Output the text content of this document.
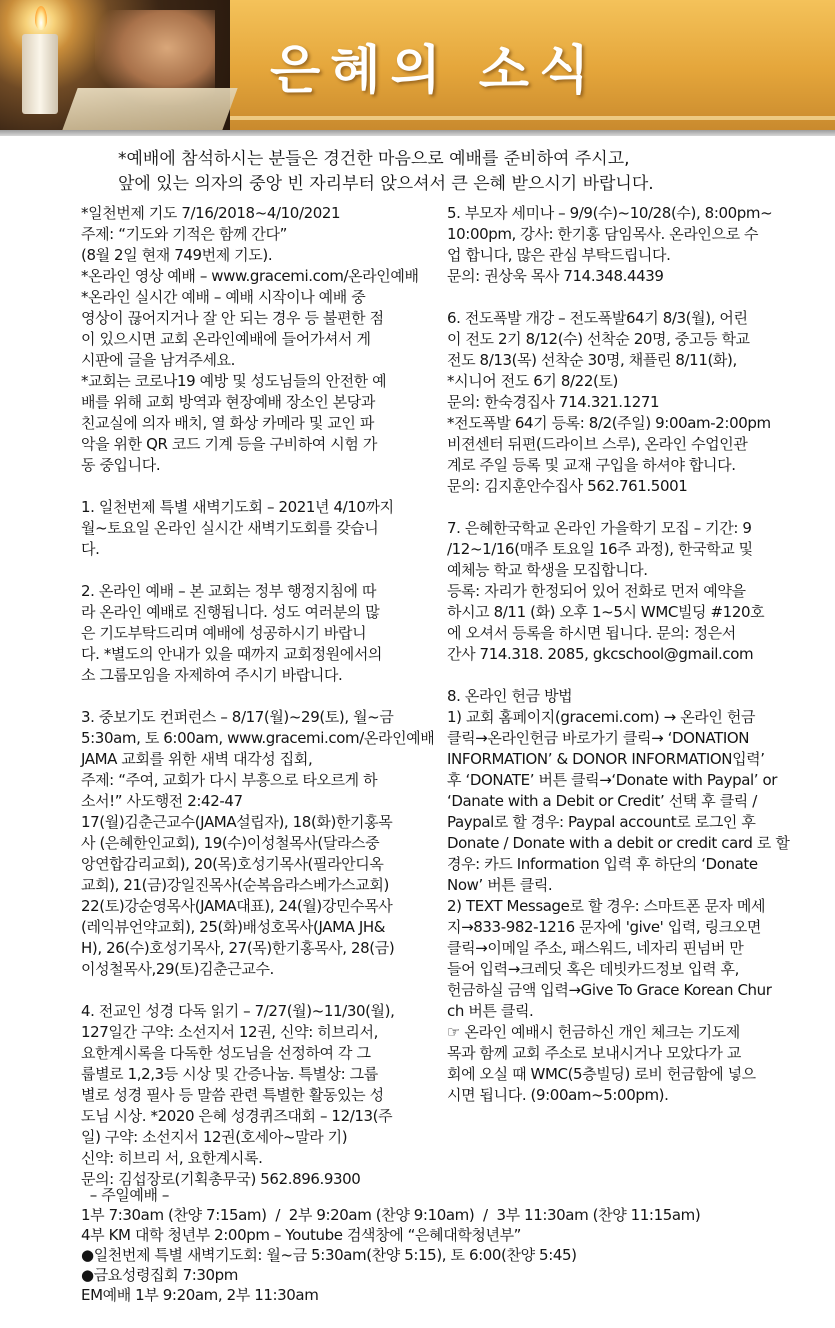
은혜의 소식

*예배에 참석하시는 분들은 경건한 마음으로 예배를 준비하여 주시고,

앞에 있는 의자의 중앙 빈 자리부터 앉으셔서 큰 은혜 받으시기 바랍니다.

*일천번제 기도 7/16/2018~4/10/2021

주제: “기도와 기적은 함께 간다”

(8월 2일 현재 749번제 기도).

*온라인 영상 예배 – www.gracemi.com/온라인예배

*온라인 실시간 예배 – 예배 시작이나 예배 중

영상이 끊어지거나 잘 안 되는 경우 등 불편한 점

이 있으시면 교회 온라인예배에 들어가셔서 게

시판에 글을 남겨주세요.

*교회는 코로나19 예방 및 성도님들의 안전한 예

배를 위해 교회 방역과 현장예배 장소인 본당과

친교실에 의자 배치, 열 화상 카메라 및 교인 파

악을 위한 QR 코드 기계 등을 구비하여 시험 가

동 중입니다.

1. 일천번제 특별 새벽기도회 – 2021년 4/10까지

월~토요일 온라인 실시간 새벽기도회를 갖습니

다.

2. 온라인 예배 – 본 교회는 정부 행정지침에 따

라 온라인 예배로 진행됩니다. 성도 여러분의 많

은 기도부탁드리며 예배에 성공하시기 바랍니

다. *별도의 안내가 있을 때까지 교회정원에서의

소 그룹모임을 자제하여 주시기 바랍니다.

3. 중보기도 컨퍼런스 – 8/17(월)~29(토), 월~금

5:30am, 토 6:00am, www.gracemi.com/온라인예배

JAMA 교회를 위한 새벽 대각성 집회,

주제: “주여, 교회가 다시 부흥으로 타오르게 하

소서!” 사도행전 2:42-47

17(월)김춘근교수(JAMA설립자), 18(화)한기홍목

사 (은혜한인교회), 19(수)이성철목사(달라스중

앙연합감리교회), 20(목)호성기목사(필라안디옥

교회), 21(금)강일진목사(순복음라스베가스교회)

22(토)강순영목사(JAMA대표), 24(월)강민수목사

(레익뷰언약교회), 25(화)배성호목사(JAMA JH&

H), 26(수)호성기목사, 27(목)한기홍목사, 28(금)

이성철목사,29(토)김춘근교수.

4. 전교인 성경 다독 읽기 – 7/27(월)~11/30(월),

127일간 구약: 소선지서 12권, 신약: 히브리서,

요한계시록을 다독한 성도님을 선정하여 각 그

룹별로 1,2,3등 시상 및 간증나눔. 특별상: 그룹

별로 성경 필사 등 말씀 관련 특별한 활동있는 성

도님 시상. *2020 은혜 성경퀴즈대회 – 12/13(주

일) 구약: 소선지서 12권(호세아~말라 기)

신약: 히브리 서, 요한계시록.

문의: 김섭장로(기획총무국) 562.896.9300

5. 부모자 세미나 – 9/9(수)~10/28(수), 8:00pm~

10:00pm, 강사: 한기홍 담임목사. 온라인으로 수

업 합니다, 많은 관심 부탁드립니다.

문의: 권상욱 목사 714.348.4439

6. 전도폭발 개강 – 전도폭발64기 8/3(월), 어린

이 전도 2기 8/12(수) 선착순 20명, 중고등 학교

전도 8/13(목) 선착순 30명, 채플린 8/11(화),

*시니어 전도 6기 8/22(토)

문의: 한숙경집사 714.321.1271

*전도폭발 64기 등록: 8/2(주일) 9:00am-2:00pm

비젼센터 뒤편(드라이브 스루), 온라인 수업인관

계로 주일 등록 및 교재 구입을 하셔야 합니다.

문의: 김지훈안수집사 562.761.5001

7. 은혜한국학교 온라인 가을학기 모집 – 기간: 9

/12~1/16(매주 토요일 16주 과정), 한국학교 및

예체능 학교 학생을 모집합니다.

등록: 자리가 한정되어 있어 전화로 먼저 예약을

하시고 8/11 (화) 오후 1~5시 WMC빌딩 #120호

에 오셔서 등록을 하시면 됩니다. 문의: 정은서

간사 714.318. 2085, gkcschool@gmail.com

8. 온라인 헌금 방법

1) 교회 홈페이지(gracemi.com) → 온라인 헌금

클릭→온라인헌금 바로가기 클릭→ ‘DONATION

INFORMATION’ & DONOR INFORMATION입력’

후 ‘DONATE’ 버튼 클릭→‘Donate with Paypal’ or

‘Danate with a Debit or Credit’ 선택 후 클릭 /

Paypal로 할 경우: Paypal account로 로그인 후

Donate / Donate with a debit or credit card 로 할

경우: 카드 Information 입력 후 하단의 ‘Donate

Now’ 버튼 클릭.

2) TEXT Message로 할 경우: 스마트폰 문자 메세

지→833-982-1216 문자에 'give' 입력, 링크오면

클릭→이메일 주소, 패스워드, 네자리 핀넘버 만

들어 입력→크레딧 혹은 데빗카드정보 입력 후,

헌금하실 금액 입력→Give To Grace Korean Chur

ch 버튼 클릭.

☞ 온라인 예배시 헌금하신 개인 체크는 기도제

목과 함께 교회 주소로 보내시거나 모았다가 교

회에 오실 때 WMC(5층빌딩) 로비 헌금함에 넣으

시면 됩니다. (9:00am~5:00pm).

– 주일예배 –

1부 7:30am (찬양 7:15am)  /  2부 9:20am (찬양 9:10am)  /  3부 11:30am (찬양 11:15am)

4부 KM 대학 청년부 2:00pm – Youtube 검색창에 “은혜대학청년부”

●일천번제 특별 새벽기도회: 월~금 5:30am(찬양 5:15), 토 6:00(찬양 5:45)

●금요성령집회 7:30pm

EM예배 1부 9:20am, 2부 11:30am
